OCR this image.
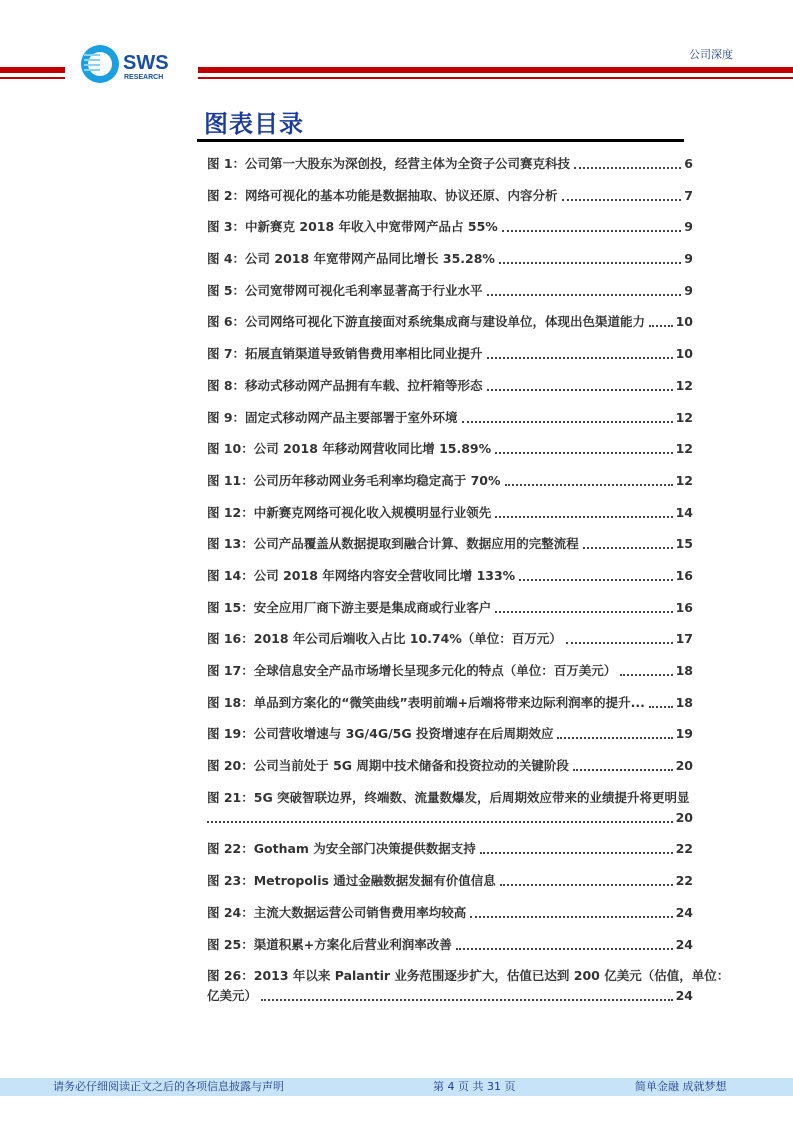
SWS
RESEARCH
公司深度
图表目录
图 1：公司第一大股东为深创投，经营主体为全资子公司赛克科技	6
图 2：网络可视化的基本功能是数据抽取、协议还原、内容分析	7
图 3：中新赛克 2018 年收入中宽带网产品占 55%	9
图 4：公司 2018 年宽带网产品同比增长 35.28%	9
图 5：公司宽带网可视化毛利率显著高于行业水平	9
图 6：公司网络可视化下游直接面对系统集成商与建设单位，体现出色渠道能力 10
图 7：拓展直销渠道导致销售费用率相比同业提升	10
图 8：移动式移动网产品拥有车载、拉杆箱等形态	12
图 9：固定式移动网产品主要部署于室外环境	12
图 10：公司 2018 年移动网营收同比增 15.89%	12
图 11：公司历年移动网业务毛利率均稳定高于 70%	12
图 12：中新赛克网络可视化收入规模明显行业领先	14
图 13：公司产品覆盖从数据提取到融合计算、数据应用的完整流程	15
图 14：公司 2018 年网络内容安全营收同比增 133%	16
图 15：安全应用厂商下游主要是集成商或行业客户	16
图 16：2018 年公司后端收入占比 10.74%（单位：百万元）	17
图 17：全球信息安全产品市场增长呈现多元化的特点（单位：百万美元）	18
图 18：单品到方案化的“微笑曲线”表明前端+后端将带来边际利润率的提升... 18
图 19：公司营收增速与 3G/4G/5G 投资增速存在后周期效应	19
图 20：公司当前处于 5G 周期中技术储备和投资拉动的关键阶段	20
图 21：5G 突破智联边界，终端数、流量数爆发，后周期效应带来的业绩提升将更明显
20
图 22：Gotham 为安全部门决策提供数据支持	22
图 23：Metropolis 通过金融数据发掘有价值信息	22
图 24：主流大数据运营公司销售费用率均较高	24
图 25：渠道积累+方案化后营业利润率改善	24
图 26：2013 年以来 Palantir 业务范围逐步扩大，估值已达到 200 亿美元（估值，单位：
亿美元）	24
请务必仔细阅读正文之后的各项信息披露与声明	第 4 页 共 31 页	简单金融 成就梦想
